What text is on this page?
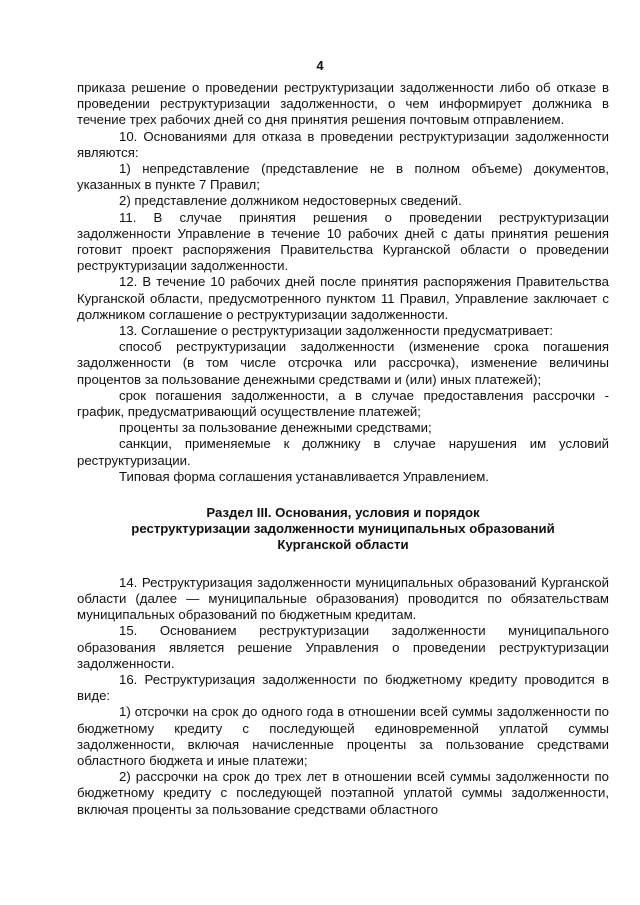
4

приказа решение о проведении реструктуризации задолженности либо об отказе в проведении реструктуризации задолженности, о чем информирует должника в течение трех рабочих дней со дня принятия решения почтовым отправлением.

10. Основаниями для отказа в проведении реструктуризации задолженности являются:

1) непредставление (представление не в полном объеме) документов, указанных в пункте 7 Правил;

2) представление должником недостоверных сведений.

11. В случае принятия решения о проведении реструктуризации задолженности Управление в течение 10 рабочих дней с даты принятия решения готовит проект распоряжения Правительства Курганской области о проведении реструктуризации задолженности.

12. В течение 10 рабочих дней после принятия распоряжения Правительства Курганской области, предусмотренного пунктом 11 Правил, Управление заключает с должником соглашение о реструктуризации задолженности.

13. Соглашение о реструктуризации задолженности предусматривает:

способ реструктуризации задолженности (изменение срока погашения задолженности (в том числе отсрочка или рассрочка), изменение величины процентов за пользование денежными средствами и (или) иных платежей);

срок погашения задолженности, а в случае предоставления рассрочки - график, предусматривающий осуществление платежей;

проценты за пользование денежными средствами;

санкции, применяемые к должнику в случае нарушения им условий реструктуризации.

Типовая форма соглашения устанавливается Управлением.

Раздел III. Основания, условия и порядок
реструктуризации задолженности муниципальных образований
Курганской области

14. Реструктуризация задолженности муниципальных образований Курганской области (далее — муниципальные образования) проводится по обязательствам муниципальных образований по бюджетным кредитам.

15. Основанием реструктуризации задолженности муниципального образования является решение Управления о проведении реструктуризации задолженности.

16. Реструктуризация задолженности по бюджетному кредиту проводится в виде:

1) отсрочки на срок до одного года в отношении всей суммы задолженности по бюджетному кредиту с последующей единовременной уплатой суммы задолженности, включая начисленные проценты за пользование средствами областного бюджета и иные платежи;

2) рассрочки на срок до трех лет в отношении всей суммы задолженности по бюджетному кредиту с последующей поэтапной уплатой суммы задолженности, включая проценты за пользование средствами областного
